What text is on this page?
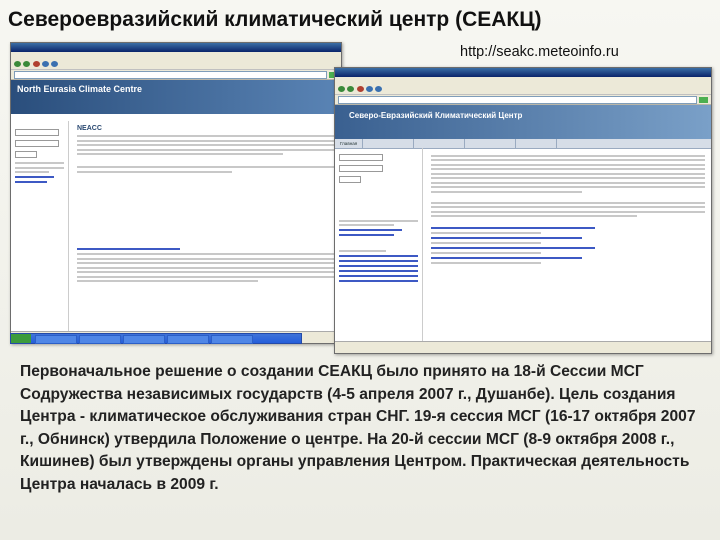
Североевразийский климатический центр (СЕАКЦ)
North Eurasia Climate Centre
NEACC
Северо-Евразийский Климатический Центр
Главная
http://seakc.meteoinfo.ru
Первоначальное решение о создании СЕАКЦ было принято на 18-й Сессии МСГ Содружества независимых государств (4-5 апреля 2007 г., Душанбе). Цель создания Центра - климатическое обслуживания стран СНГ. 19-я сессия МСГ (16-17 октября 2007 г., Обнинск) утвердила Положение о центре. На 20-й сессии МСГ (8-9 октября 2008 г., Кишинев) был утверждены органы управления Центром. Практическая деятельность Центра началась в 2009 г.
